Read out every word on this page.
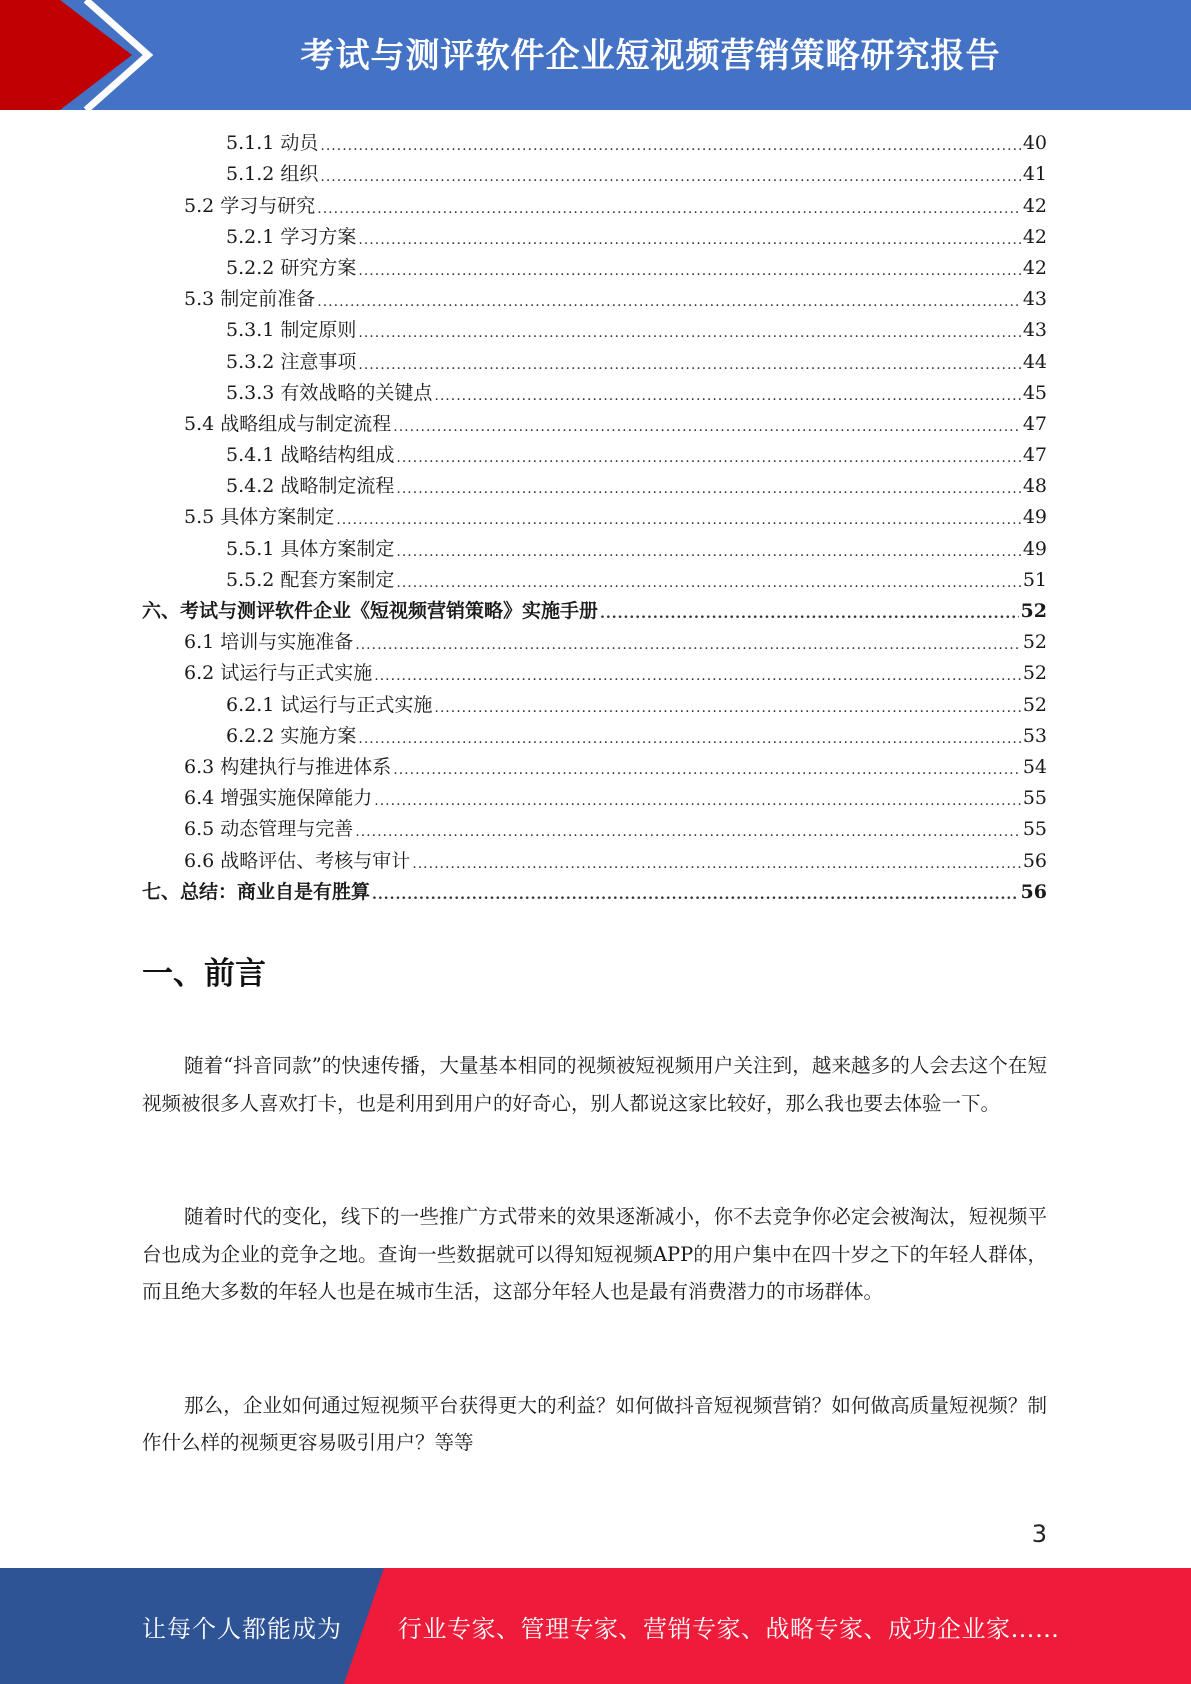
考试与测评软件企业短视频营销策略研究报告
5.1.1 动员 .....	40
5.1.2 组织 .....	41
5.2 学习与研究 .....	42
5.2.1 学习方案 .....	42
5.2.2 研究方案 .....	42
5.3 制定前准备 .....	43
5.3.1 制定原则 .....	43
5.3.2 注意事项 .....	44
5.3.3 有效战略的关键点 .....	45
5.4 战略组成与制定流程 .....	47
5.4.1 战略结构组成 .....	47
5.4.2 战略制定流程 .....	48
5.5 具体方案制定 .....	49
5.5.1 具体方案制定 .....	49
5.5.2 配套方案制定 .....	51
六、考试与测评软件企业《短视频营销策略》实施手册 .....	52
6.1 培训与实施准备 .....	52
6.2 试运行与正式实施 .....	52
6.2.1 试运行与正式实施 .....	52
6.2.2 实施方案 .....	53
6.3 构建执行与推进体系 .....	54
6.4 增强实施保障能力 .....	55
6.5 动态管理与完善 .....	55
6.6 战略评估、考核与审计 .....	56
七、总结：商业自是有胜算 .....	56
一、前言

随着“抖音同款”的快速传播，大量基本相同的视频被短视频用户关注到，越来越多的人会去这个在短视频被很多人喜欢打卡，也是利用到用户的好奇心，别人都说这家比较好，那么我也要去体验一下。

随着时代的变化，线下的一些推广方式带来的效果逐渐减小，你不去竞争你必定会被淘汰，短视频平台也成为企业的竞争之地。查询一些数据就可以得知短视频APP的用户集中在四十岁之下的年轻人群体，而且绝大多数的年轻人也是在城市生活，这部分年轻人也是最有消费潜力的市场群体。

那么，企业如何通过短视频平台获得更大的利益？如何做抖音短视频营销？如何做高质量短视频？制作什么样的视频更容易吸引用户？等等

3
让每个人都能成为 行业专家、管理专家、营销专家、战略专家、成功企业家……
